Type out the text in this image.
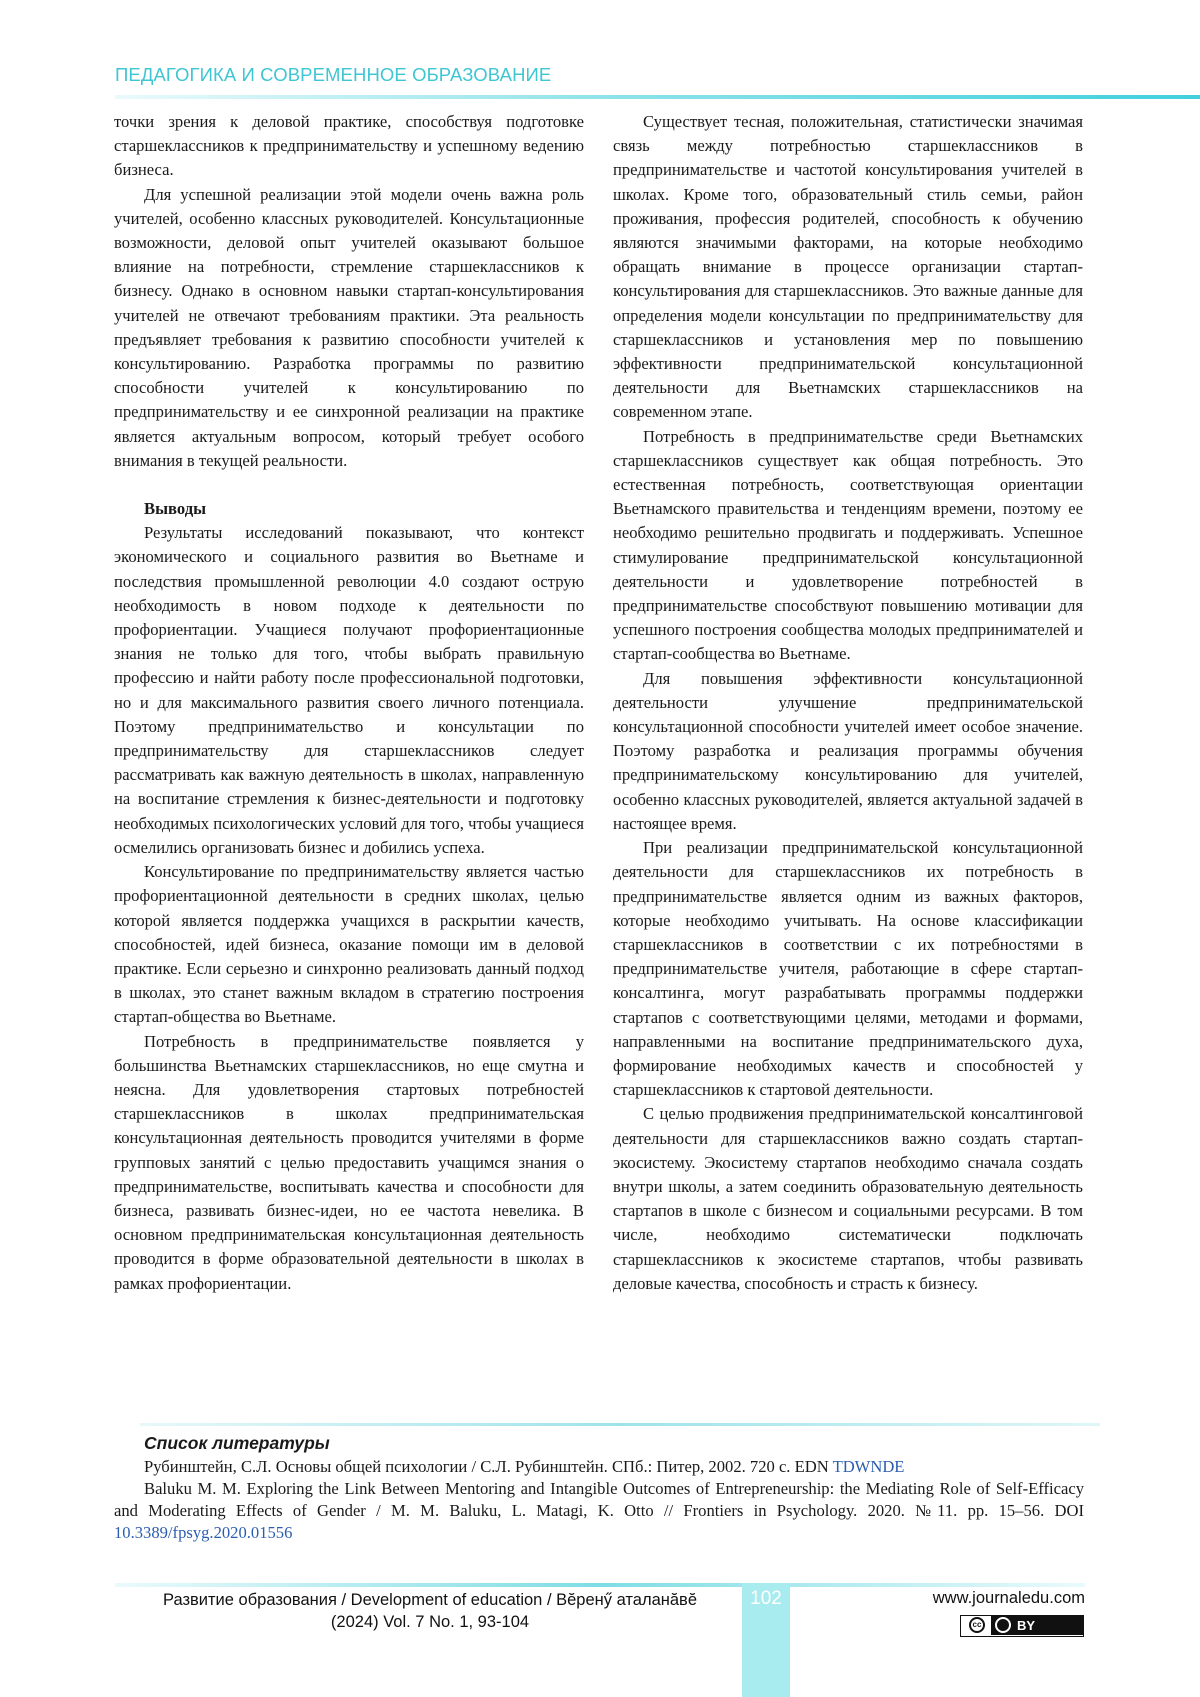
ПЕДАГОГИКА И СОВРЕМЕННОЕ ОБРАЗОВАНИЕ

точки зрения к деловой практике, способствуя подготовке старшеклассников к предпринимательству и успешному ведению бизнеса.

Для успешной реализации этой модели очень важна роль учителей, особенно классных руководителей. Консультационные возможности, деловой опыт учителей оказывают большое влияние на потребности, стремление старшеклассников к бизнесу. Однако в основном навыки стартап-консультирования учителей не отвечают требованиям практики. Эта реальность предъявляет требования к развитию способности учителей к консультированию. Разработка программы по развитию способности учителей к консультированию по предпринимательству и ее синхронной реализации на практике является актуальным вопросом, который требует особого внимания в текущей реальности.

Выводы

Результаты исследований показывают, что контекст экономического и социального развития во Вьетнаме и последствия промышленной революции 4.0 создают острую необходимость в новом подходе к деятельности по профориентации. Учащиеся получают профориентационные знания не только для того, чтобы выбрать правильную профессию и найти работу после профессиональной подготовки, но и для максимального развития своего личного потенциала. Поэтому предпринимательство и консультации по предпринимательству для старшеклассников следует рассматривать как важную деятельность в школах, направленную на воспитание стремления к бизнес-деятельности и подготовку необходимых психологических условий для того, чтобы учащиеся осмелились организовать бизнес и добились успеха.

Консультирование по предпринимательству является частью профориентационной деятельности в средних школах, целью которой является поддержка учащихся в раскрытии качеств, способностей, идей бизнеса, оказание помощи им в деловой практике. Если серьезно и синхронно реализовать данный подход в школах, это станет важным вкладом в стратегию построения стартап-общества во Вьетнаме.

Потребность в предпринимательстве появляется у большинства Вьетнамских старшеклассников, но еще смутна и неясна. Для удовлетворения стартовых потребностей старшеклассников в школах предпринимательская консультационная деятельность проводится учителями в форме групповых занятий с целью предоставить учащимся знания о предпринимательстве, воспитывать качества и способности для бизнеса, развивать бизнес-идеи, но ее частота невелика. В основном предпринимательская консультационная деятельность проводится в форме образовательной деятельности в школах в рамках профориентации.

Существует тесная, положительная, статистически значимая связь между потребностью старшеклассников в предпринимательстве и частотой консультирования учителей в школах. Кроме того, образовательный стиль семьи, район проживания, профессия родителей, способность к обучению являются значимыми факторами, на которые необходимо обращать внимание в процессе организации стартап-консультирования для старшеклассников. Это важные данные для определения модели консультации по предпринимательству для старшеклассников и установления мер по повышению эффективности предпринимательской консультационной деятельности для Вьетнамских старшеклассников на современном этапе.

Потребность в предпринимательстве среди Вьетнамских старшеклассников существует как общая потребность. Это естественная потребность, соответствующая ориентации Вьетнамского правительства и тенденциям времени, поэтому ее необходимо решительно продвигать и поддерживать. Успешное стимулирование предпринимательской консультационной деятельности и удовлетворение потребностей в предпринимательстве способствуют повышению мотивации для успешного построения сообщества молодых предпринимателей и стартап-сообщества во Вьетнаме.

Для повышения эффективности консультационной деятельности улучшение предпринимательской консультационной способности учителей имеет особое значение. Поэтому разработка и реализация программы обучения предпринимательскому консультированию для учителей, особенно классных руководителей, является актуальной задачей в настоящее время.

При реализации предпринимательской консультационной деятельности для старшеклассников их потребность в предпринимательстве является одним из важных факторов, которые необходимо учитывать. На основе классификации старшеклассников в соответствии с их потребностями в предпринимательстве учителя, работающие в сфере стартап-консалтинга, могут разрабатывать программы поддержки стартапов с соответствующими целями, методами и формами, направленными на воспитание предпринимательского духа, формирование необходимых качеств и способностей у старшеклассников к стартовой деятельности.

С целью продвижения предпринимательской консалтинговой деятельности для старшеклассников важно создать стартап-экосистему. Экосистему стартапов необходимо сначала создать внутри школы, а затем соединить образовательную деятельность стартапов в школе с бизнесом и социальными ресурсами. В том числе, необходимо систематически подключать старшеклассников к экосистеме стартапов, чтобы развивать деловые качества, способность и страсть к бизнесу.

Список литературы

Рубинштейн, С.Л. Основы общей психологии / С.Л. Рубинштейн. СПб.: Питер, 2002. 720 с. EDN TDWNDE

Baluku M. M. Exploring the Link Between Mentoring and Intangible Outcomes of Entrepreneurship: the Mediating Role of Self-Efficacy and Moderating Effects of Gender / M. M. Baluku, L. Matagi, K. Otto // Frontiers in Psychology. 2020. №11. pp. 15–56. DOI 10.3389/fpsyg.2020.01556

102
Развитие образования / Development of education / Вĕренӳ аталанăвĕ
(2024) Vol. 7 No. 1, 93-104
www.journaledu.com
cc	BY
